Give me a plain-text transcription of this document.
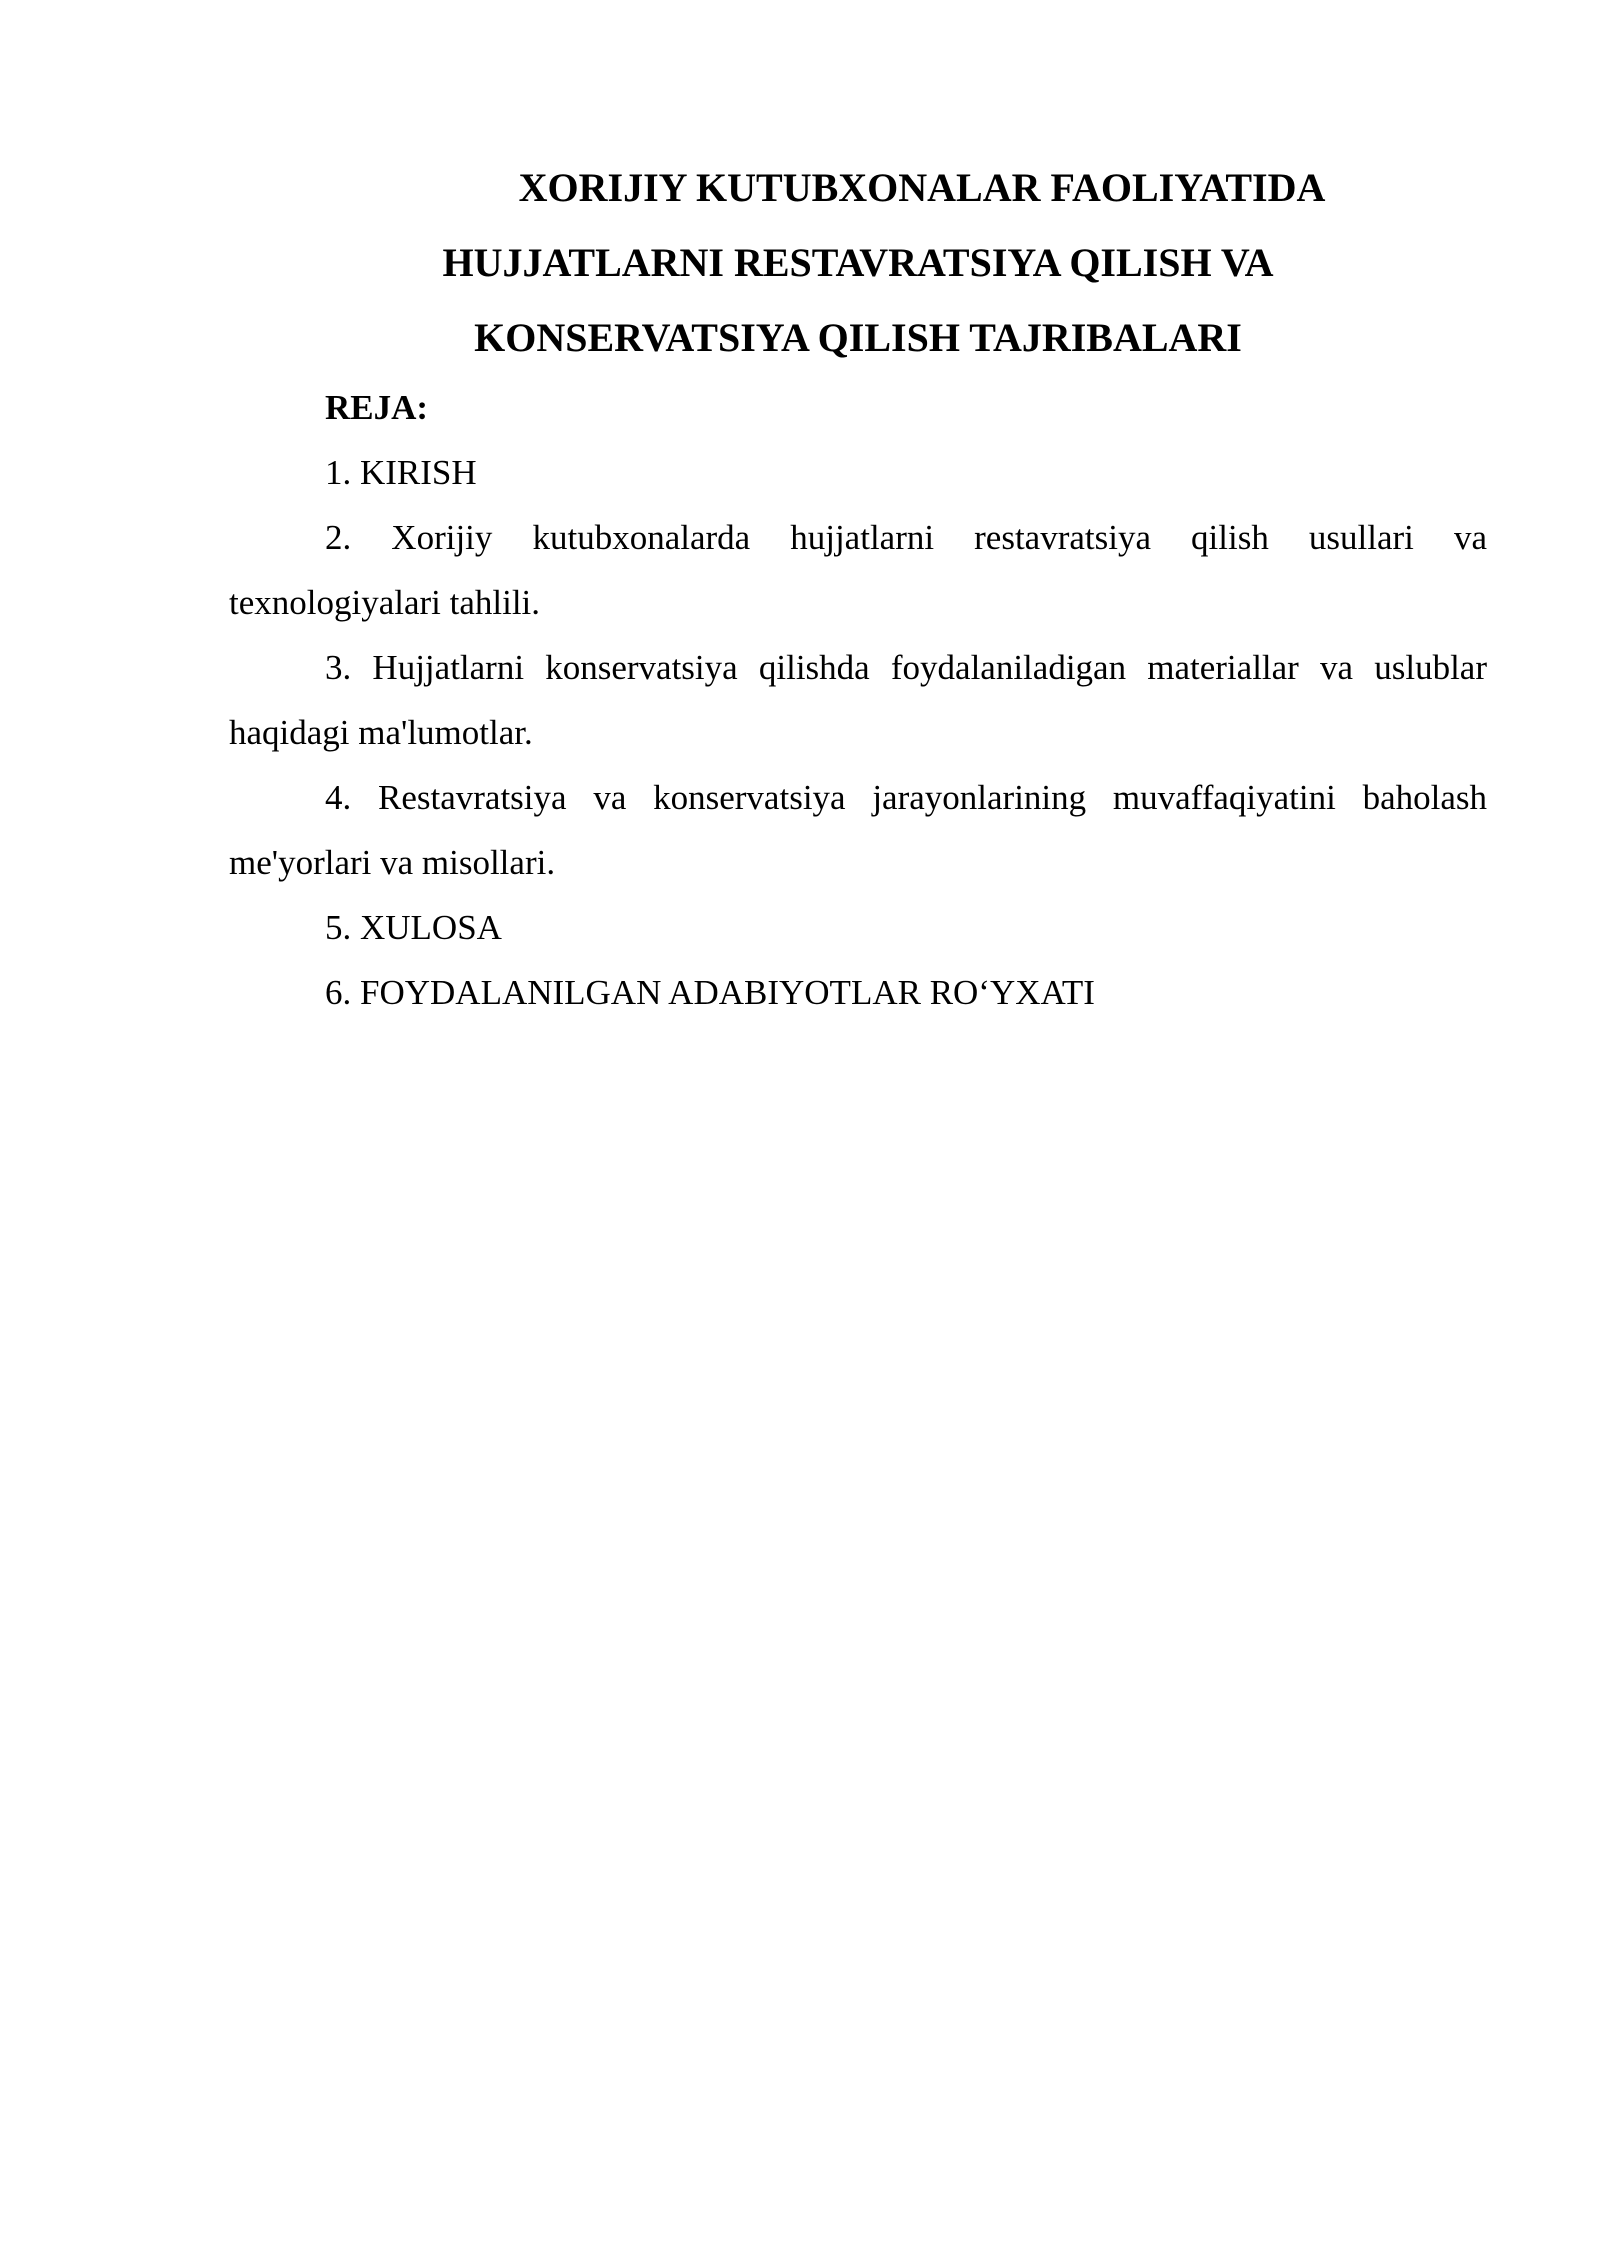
XORIJIY KUTUBXONALAR FAOLIYATIDA
HUJJATLARNI RESTAVRATSIYA QILISH VA
KONSERVATSIYA QILISH TAJRIBALARI

REJA:

1. KIRISH

2. Xorijiy kutubxonalarda hujjatlarni restavratsiya qilish usullari va texnologiyalari tahlili.

3. Hujjatlarni konservatsiya qilishda foydalaniladigan materiallar va uslublar haqidagi ma'lumotlar.

4. Restavratsiya va konservatsiya jarayonlarining muvaffaqiyatini baholash me'yorlari va misollari.

5. XULOSA

6. FOYDALANILGAN ADABIYOTLAR RO‘YXATI
